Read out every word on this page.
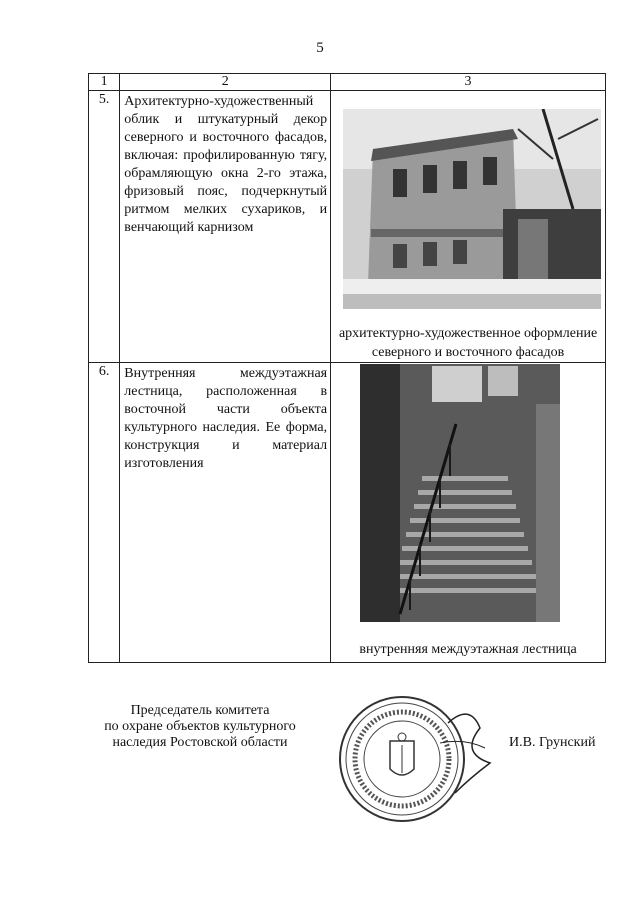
5
1	2	3

5.	Архитектурно-художественный облик и штукатурный декор северного и восточного фасадов, включая: профилированную тягу, обрамляющую окна 2-го этажа, фризовый пояс, подчеркнутый ритмом мелких сухариков, и венчающий карнизом	архитектурно-художественное оформление северного и восточного фасадов

6.	Внутренняя междуэтажная лестница, расположенная в восточной части объекта культурного наследия. Ее форма, конструкция и материал изготовления	внутренняя междуэтажная лестница
Председатель комитета
по охране объектов культурного
наследия Ростовской области	И.В. Грунский
